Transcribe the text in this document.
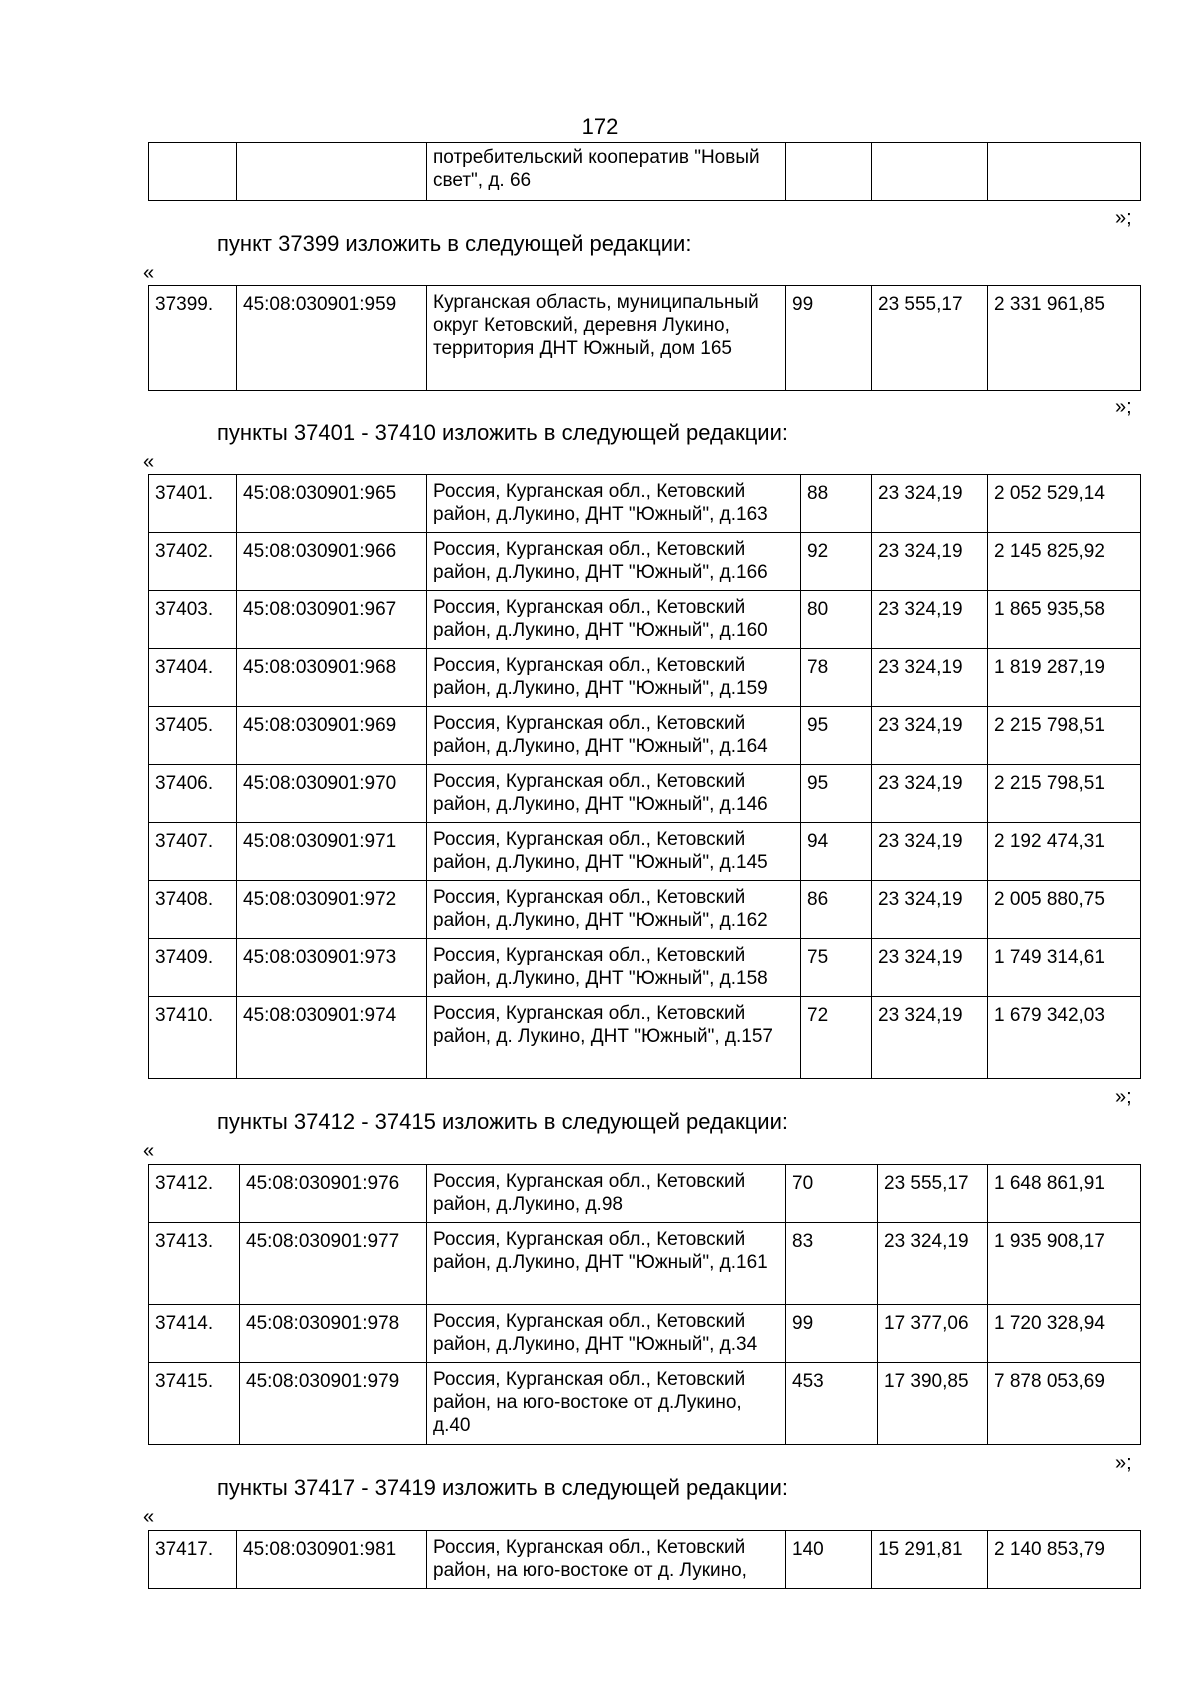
172
		потребительский кооператив "Новый свет", д. 66			
»;
пункт 37399 изложить в следующей редакции:
«
37399.	45:08:030901:959	Курганская область, муниципальный округ Кетовский, деревня Лукино, территория ДНТ Южный, дом 165	99	23 555,17	2 331 961,85
»;
пункты 37401 - 37410 изложить в следующей редакции:
«
37401.	45:08:030901:965	Россия, Курганская обл., Кетовский район, д.Лукино, ДНТ "Южный", д.163	88	23 324,19	2 052 529,14
37402.	45:08:030901:966	Россия, Курганская обл., Кетовский район, д.Лукино, ДНТ "Южный", д.166	92	23 324,19	2 145 825,92
37403.	45:08:030901:967	Россия, Курганская обл., Кетовский район, д.Лукино, ДНТ "Южный", д.160	80	23 324,19	1 865 935,58
37404.	45:08:030901:968	Россия, Курганская обл., Кетовский район, д.Лукино, ДНТ "Южный", д.159	78	23 324,19	1 819 287,19
37405.	45:08:030901:969	Россия, Курганская обл., Кетовский район, д.Лукино, ДНТ "Южный", д.164	95	23 324,19	2 215 798,51
37406.	45:08:030901:970	Россия, Курганская обл., Кетовский район, д.Лукино, ДНТ "Южный", д.146	95	23 324,19	2 215 798,51
37407.	45:08:030901:971	Россия, Курганская обл., Кетовский район, д.Лукино, ДНТ "Южный", д.145	94	23 324,19	2 192 474,31
37408.	45:08:030901:972	Россия, Курганская обл., Кетовский район, д.Лукино, ДНТ "Южный", д.162	86	23 324,19	2 005 880,75
37409.	45:08:030901:973	Россия, Курганская обл., Кетовский район, д.Лукино, ДНТ "Южный", д.158	75	23 324,19	1 749 314,61
37410.	45:08:030901:974	Россия, Курганская обл., Кетовский район, д. Лукино, ДНТ "Южный", д.157	72	23 324,19	1 679 342,03
»;
пункты 37412 - 37415 изложить в следующей редакции:
«
37412.	45:08:030901:976	Россия, Курганская обл., Кетовский район, д.Лукино, д.98	70	23 555,17	1 648 861,91
37413.	45:08:030901:977	Россия, Курганская обл., Кетовский район, д.Лукино, ДНТ "Южный", д.161	83	23 324,19	1 935 908,17
37414.	45:08:030901:978	Россия, Курганская обл., Кетовский район, д.Лукино, ДНТ "Южный", д.34	99	17 377,06	1 720 328,94
37415.	45:08:030901:979	Россия, Курганская обл., Кетовский район, на юго-востоке от д.Лукино, д.40	453	17 390,85	7 878 053,69
»;
пункты 37417 - 37419 изложить в следующей редакции:
«
37417.	45:08:030901:981	Россия, Курганская обл., Кетовский район, на юго-востоке от д. Лукино,	140	15 291,81	2 140 853,79
